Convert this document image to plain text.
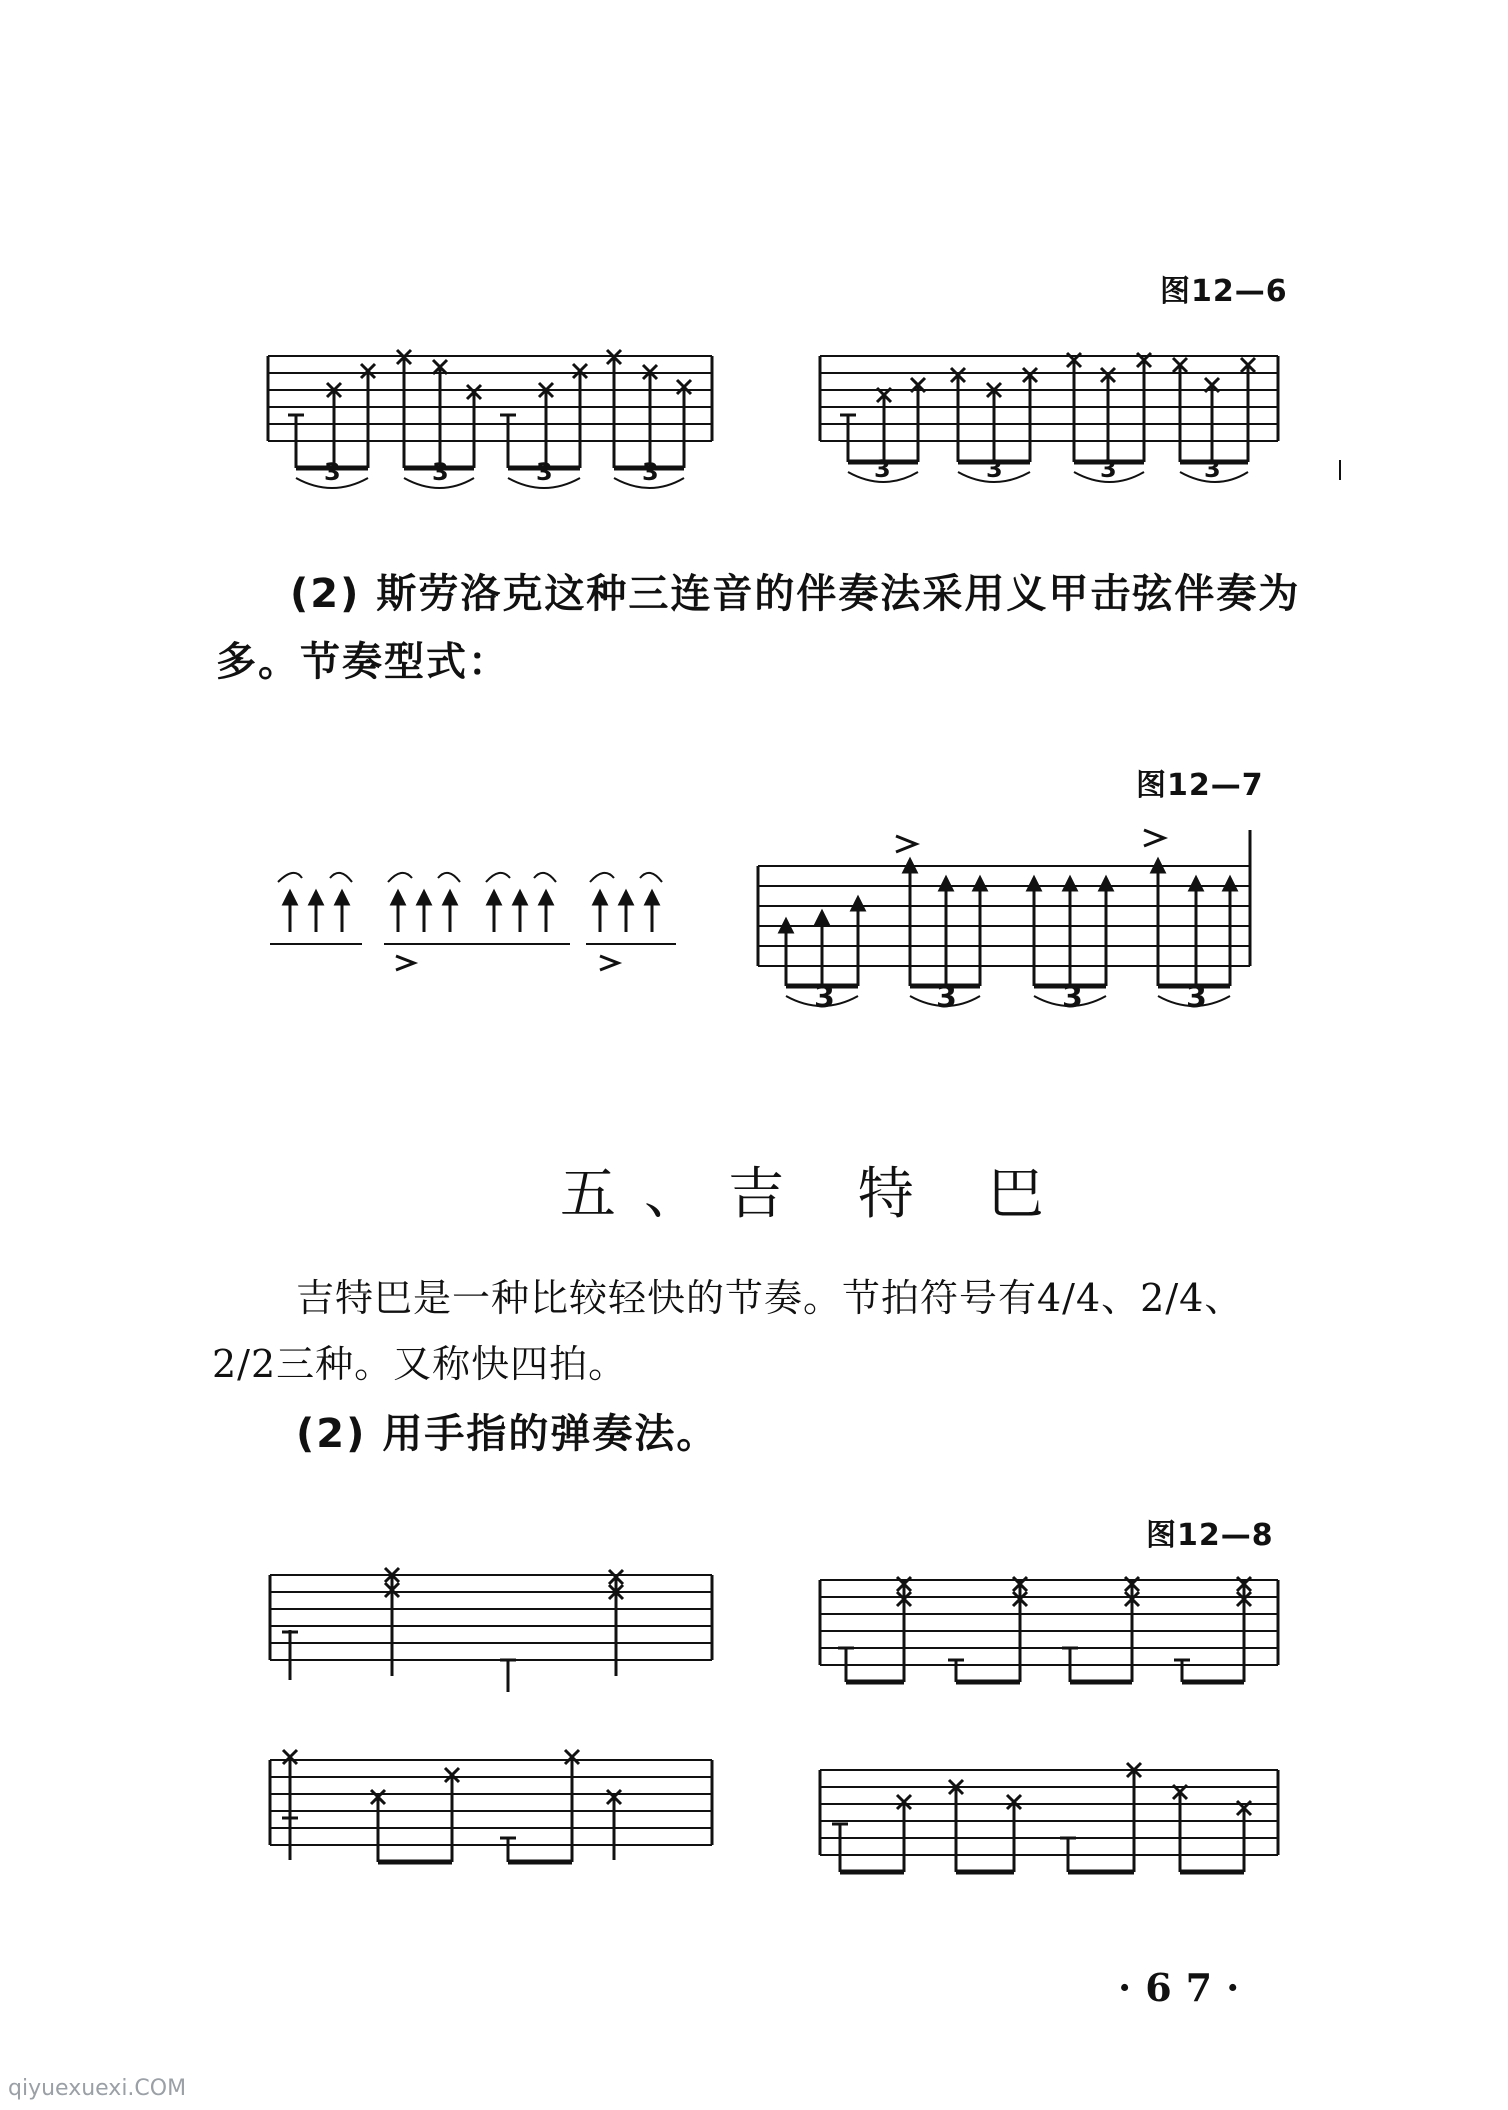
图12—6
3	3	3	3	3	3	3	3
(2) 斯劳洛克这种三连音的伴奏法采用义甲击弦伴奏为
多。节奏型式：
图12—7
3	3	3	3
五、吉 特 巴
吉特巴是一种比较轻快的节奏。节拍符号有4/4、2/4、
2/2三种。又称快四拍。
(2) 用手指的弹奏法。
图12—8
·67·
qiyuexuexi.COM
